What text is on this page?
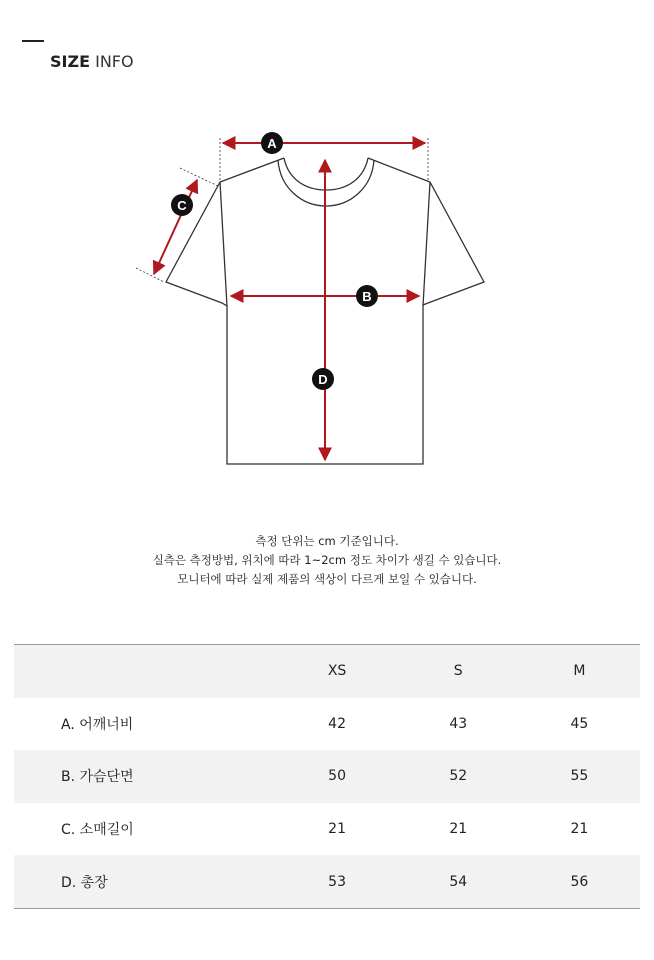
SIZE INFO
A
B
C
D
측정 단위는 cm 기준입니다.
실측은 측정방법, 위치에 따라 1~2cm 정도 차이가 생길 수 있습니다.
모니터에 따라 실제 제품의 색상이 다르게 보일 수 있습니다.
	XS	S	M
A. 어깨너비	42	43	45
B. 가슴단면	50	52	55
C. 소매길이	21	21	21
D. 총장	53	54	56
